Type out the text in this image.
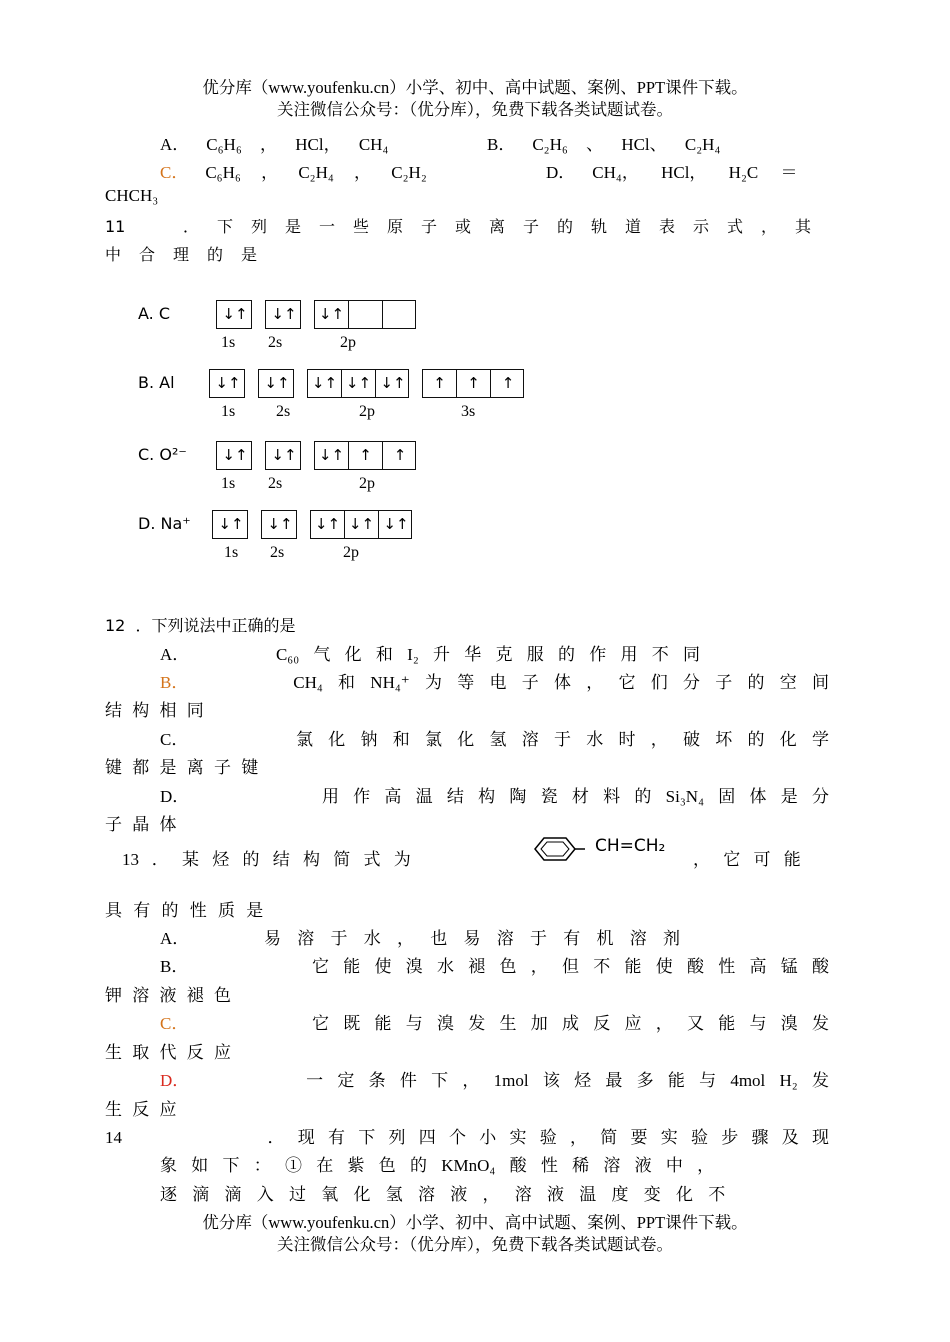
优分库（www.youfenku.cn）小学、初中、高中试题、案例、PPT课件下载。
关注微信公众号：（优分库），免费下载各类试题试卷。
A． C₆H₆ ， HCl， CH₄	B． C₂H₆ 、 HCl、 C₂H₄
C． C₆H₆ ， C₂H₄ ， C₂H₂	D． CH₄， HCl， H₂C ＝
CHCH₃
11	．下列是一些原子或离子的轨道表示式，其
中合理的是
A. C	↓↑
1s
↓↑
2s
↓↑
2p
B. Al	↓↑
1s
↓↑
2s
↓↑ ↓↑ ↓↑
2p
↑	↑	↑
3s
C. O²⁻	↓↑
1s
↓↑
2s
↓↑	↑	↑
2p
D. Na⁺	↓↑
1s
↓↑
2s
↓↑ ↓↑ ↓↑
2p
12 ．下列说法中正确的是
A．	C₆₀ 气 化 和 I₂ 升 华 克 服 的 作 用 不 同
B．	CH₄ 和 NH₄⁺ 为 等 电 子 体 ， 它 们 分 子 的 空 间
结 构 相 同
C．	氯 化 钠 和 氯 化 氢 溶 于 水 时 ， 破 坏 的 化 学
键 都 是 离 子 键
D．	用 作 高 温 结 构 陶 瓷 材 料 的 Si₃N₄ 固 体 是 分
子 晶 体
13 ． 某 烃 的 结 构 简 式 为
CH=CH₂
， 它 可 能
具 有 的 性 质 是
A．	易 溶 于 水 ， 也 易 溶 于 有 机 溶 剂
B．	它 能 使 溴 水 褪 色 ， 但 不 能 使 酸 性 高 锰 酸
钾 溶 液 褪 色
C．	它 既 能 与 溴 发 生 加 成 反 应 ， 又 能 与 溴 发
生 取 代 反 应
D．	一 定 条 件 下 ， 1mol 该 烃 最 多 能 与 4mol H₂ 发
生 反 应
14	． 现 有 下 列 四 个 小 实 验 ， 简 要 实 验 步 骤 及 现
象 如 下 ： ① 在 紫 色 的 KMnO₄ 酸 性 稀 溶 液 中 ，
逐 滴 滴 入 过 氧 化 氢 溶 液 ， 溶 液 温 度 变 化 不
优分库（www.youfenku.cn）小学、初中、高中试题、案例、PPT课件下载。
关注微信公众号：（优分库），免费下载各类试题试卷。
